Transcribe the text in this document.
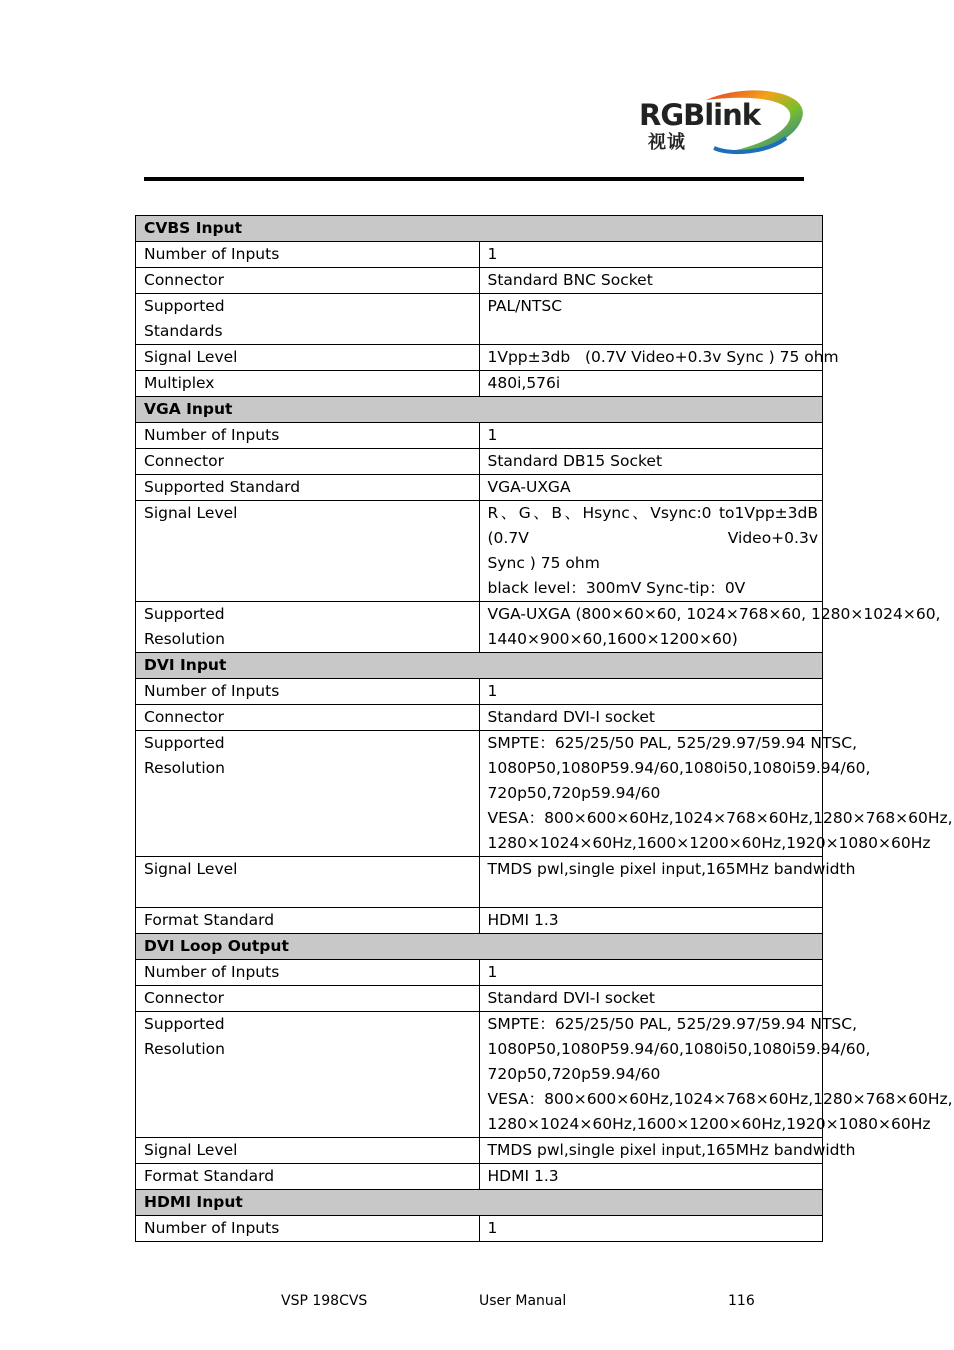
RGBlink
视诚
CVBS Input	

Number of Inputs	1

Connector	Standard BNC Socket

Supported
Standards	PAL/NTSC

Signal Level	1Vpp±3db   (0.7V Video+0.3v Sync ) 75 ohm

Multiplex	480i,576i

VGA Input	

Number of Inputs	1

Connector	Standard DB15 Socket

Supported Standard	VGA-UXGA

Signal Level	R、G、B、Hsync、Vsync:0 to1Vpp±3dB (0.7V Video+0.3v
Sync ) 75 ohm
black level：300mV Sync-tip：0V

Supported
Resolution	VGA-UXGA (800×60×60, 1024×768×60, 1280×1024×60,
1440×900×60,1600×1200×60)

DVI Input	

Number of Inputs	1

Connector	Standard DVI-I socket

Supported
Resolution	SMPTE：625/25/50 PAL, 525/29.97/59.94 NTSC,
1080P50,1080P59.94/60,1080i50,1080i59.94/60,
720p50,720p59.94/60
VESA：800×600×60Hz,1024×768×60Hz,1280×768×60Hz,
1280×1024×60Hz,1600×1200×60Hz,1920×1080×60Hz

Signal Level	TMDS pwl,single pixel input,165MHz bandwidth

Format Standard	HDMI 1.3

DVI Loop Output	

Number of Inputs	1

Connector	Standard DVI-I socket

Supported
Resolution	SMPTE：625/25/50 PAL, 525/29.97/59.94 NTSC,
1080P50,1080P59.94/60,1080i50,1080i59.94/60,
720p50,720p59.94/60
VESA：800×600×60Hz,1024×768×60Hz,1280×768×60Hz,
1280×1024×60Hz,1600×1200×60Hz,1920×1080×60Hz

Signal Level	TMDS pwl,single pixel input,165MHz bandwidth

Format Standard	HDMI 1.3

HDMI Input	

Number of Inputs	1
VSP 198CVS	User Manual	116
